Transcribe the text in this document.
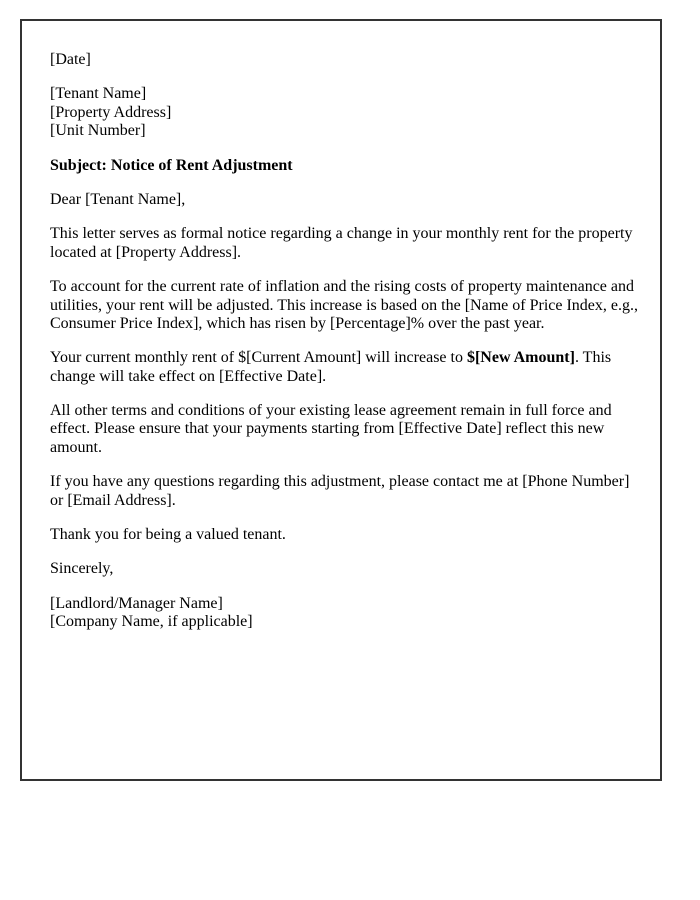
[Date]

[Tenant Name]
[Property Address]
[Unit Number]

Subject: Notice of Rent Adjustment

Dear [Tenant Name],

This letter serves as formal notice regarding a change in your monthly rent for the property located at [Property Address].

To account for the current rate of inflation and the rising costs of property maintenance and utilities, your rent will be adjusted. This increase is based on the [Name of Price Index, e.g., Consumer Price Index], which has risen by [Percentage]% over the past year.

Your current monthly rent of $[Current Amount] will increase to $[New Amount]. This change will take effect on [Effective Date].

All other terms and conditions of your existing lease agreement remain in full force and effect. Please ensure that your payments starting from [Effective Date] reflect this new amount.

If you have any questions regarding this adjustment, please contact me at [Phone Number] or [Email Address].

Thank you for being a valued tenant.

Sincerely,

[Landlord/Manager Name]
[Company Name, if applicable]
